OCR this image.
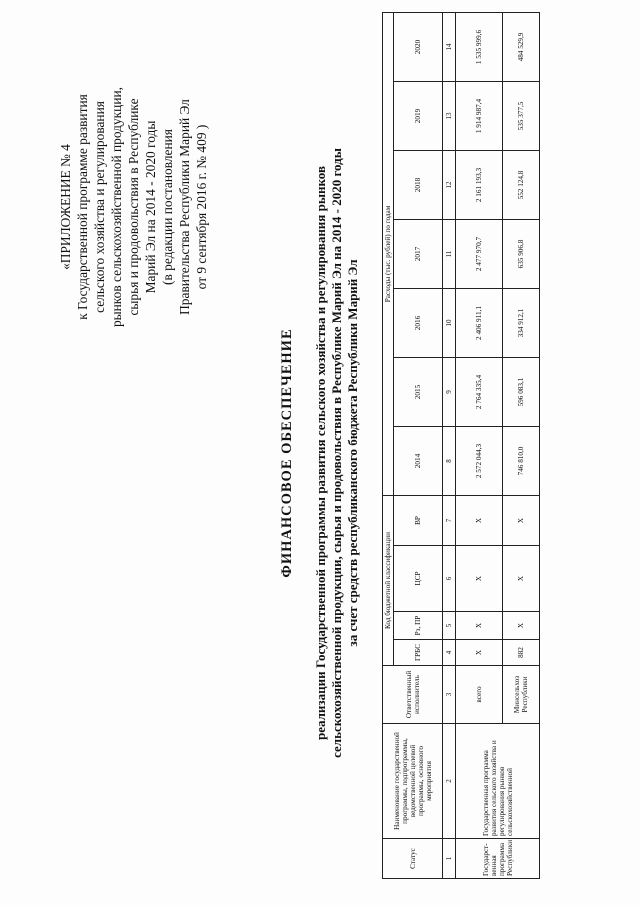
«ПРИЛОЖЕНИЕ № 4 к Государственной программе развития сельского хозяйства и регулирования рынков сельскохозяйственной продукции, сырья и продовольствия в Республике Марий Эл на 2014 - 2020 годы (в редакции постановления Правительства Республики Марий Эл от 9 сентября 2016 г. № 409 )
ФИНАНСОВОЕ ОБЕСПЕЧЕНИЕ реализации Государственной программы развития сельского хозяйства и регулирования рынков сельскохозяйственной продукции, сырья и продовольствия в Республике Марий Эл на 2014 - 2020 годы за счет средств республиканского бюджета Республики Марий Эл
Статус	Наименование государственной программы, подпрограммы, ведомственной целевой программы, основного мероприятия	Ответственный исполнитель	Код бюджетной классификации				Расходы (тыс. рублей) по годам						
			ГРБС	Рз, ПР	ЦСР	ВР	2014	2015	2016	2017	2018	2019	2020
1	2	3	4	5	6	7	8	9	10	11	12	13	14
Государст-венная программа Республики	Государственная программа развития сельского хозяйства и регулирования рынков сельскохозяйственной	всего	Х	Х	Х	Х	2 572 044,3	2 764 335,4	2 406 911,1	2 477 970,7	2 161 193,3	1 914 987,4	1 535 999,6
		Минсельхоз Республики	882	Х	Х	Х	746 810,0	596 083,1	334 912,1	635 906,8	552 124,8	535 377,5	484 529,9
